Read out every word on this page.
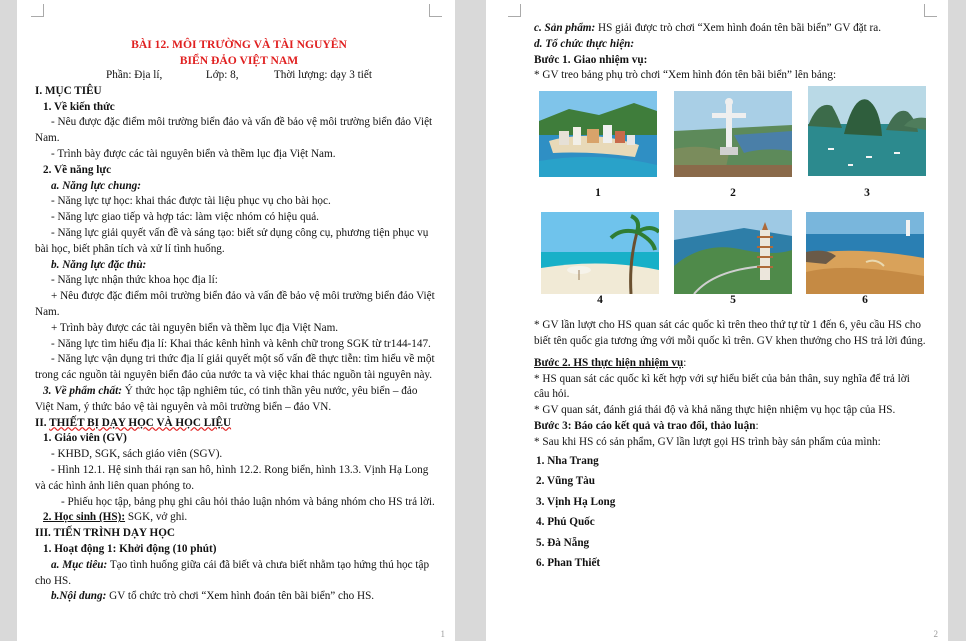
BÀI 12. MÔI TRƯỜNG VÀ TÀI NGUYÊN
BIỂN ĐẢO VIỆT NAM
Phần: Địa lí,	Lớp: 8,	Thời lượng: dạy 3 tiết
I. MỤC TIÊU
1. Về kiến thức
- Nêu được đặc điểm môi trường biển đảo và vấn đề bảo vệ môi trường biển đảo Việt
Nam.
- Trình bày được các tài nguyên biển và thềm lục địa Việt Nam.
2. Về năng lực
a. Năng lực chung:
- Năng lực tự học: khai thác được tài liệu phục vụ cho bài học.
- Năng lực giao tiếp và hợp tác: làm việc nhóm có hiệu quả.
- Năng lực giải quyết vấn đề và sáng tạo: biết sử dụng công cụ, phương tiện phục vụ
bài học, biết phân tích và xử lí tình huống.
b. Năng lực đặc thù:
- Năng lực nhận thức khoa học địa lí:
+ Nêu được đặc điểm môi trường biển đảo và vấn đề bảo vệ môi trường biển đảo Việt
Nam.
+ Trình bày được các tài nguyên biển và thềm lục địa Việt Nam.
- Năng lực tìm hiểu địa lí: Khai thác kênh hình và kênh chữ trong SGK từ tr144-147.
- Năng lực vận dụng tri thức địa lí giải quyết một số vấn đề thực tiễn: tìm hiểu về một
trong các nguồn tài nguyên biển đảo của nước ta và việc khai thác nguồn tài nguyên này.
3. Về phẩm chất: Ý thức học tập nghiêm túc, có tinh thần yêu nước, yêu biển – đảo
Việt Nam, ý thức bảo vệ tài nguyên và môi trường biển – đảo VN.
II. THIẾT BỊ DẠY HỌC VÀ HỌC LIỆU
1. Giáo viên (GV)
- KHBD, SGK, sách giáo viên (SGV).
- Hình 12.1. Hệ sinh thái rạn san hô, hình 12.2. Rong biển, hình 13.3. Vịnh Hạ Long
và các hình ảnh liên quan phóng to.
- Phiếu học tập, bảng phụ ghi câu hỏi thảo luận nhóm và bảng nhóm cho HS trả lời.
2. Học sinh (HS): SGK, vở ghi.
III. TIẾN TRÌNH DẠY HỌC
1. Hoạt động 1: Khởi động (10 phút)
a. Mục tiêu: Tạo tình huống giữa cái đã biết và chưa biết nhằm tạo hứng thú học tập
cho HS.
b.Nội dung: GV tổ chức trò chơi “Xem hình đoán tên bãi biển” cho HS.
1
c. Sản phẩm: HS giải được trò chơi “Xem hình đoán tên bãi biển” GV đặt ra.
d. Tổ chức thực hiện:
Bước 1. Giao nhiệm vụ:
* GV treo bảng phụ trò chơi “Xem hình đón tên bãi biển” lên bảng:
1	2	3
4	5	6
* GV lần lượt cho HS quan sát các quốc kì trên theo thứ tự từ 1 đến 6, yêu cầu HS cho
biết tên quốc gia tương ứng với mỗi quốc kì trên. GV khen thưởng cho HS trả lời đúng.
Bước 2. HS thực hiện nhiệm vụ:
* HS quan sát các quốc kì kết hợp với sự hiểu biết của bản thân, suy nghĩa để trả lời
câu hỏi.
* GV quan sát, đánh giá thái độ và khả năng thực hiện nhiệm vụ học tập của HS.
Bước 3: Báo cáo kết quả và trao đổi, thảo luận:
* Sau khi HS có sản phẩm, GV lần lượt gọi HS trình bày sản phẩm của mình:
1. Nha Trang
2. Vũng Tàu
3. Vịnh Hạ Long
4. Phú Quốc
5. Đà Nẵng
6. Phan Thiết
2
